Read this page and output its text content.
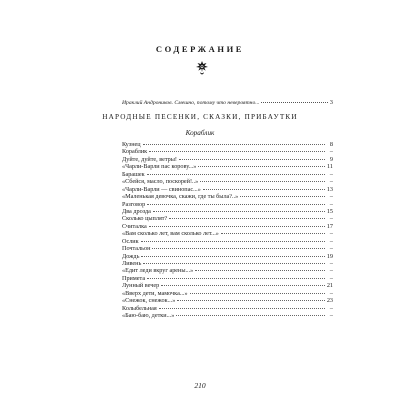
СОДЕРЖАНИЕ
Ираклий Андроников. Смешно, потому что невероятно...	3
НАРОДНЫЕ ПЕСЕНКИ, СКАЗКИ, ПРИБАУТКИ
Кораблик
Кузнец	8
Кораблик	–
Дуйте, дуйте, ветры!	9
«Чарли-Варли пас корову...»	11
Барашек	–
«Сбейся, масло, поскорей!..»	–
«Чарли-Варли — свинопас...»	13
«Маленькая девочка, скажи, где ты была?..»	–
Разговор	–
Два дрозда	15
Сколько цыплят?	–
Считалка	17
«Вам сколько лет, вам сколько лет...»	–
Ослик	–
Почтальон	–
Дождь	19
Ливень	–
«Едит леди вкруг арены...»	–
Примета	–
Лунный вечер	21
«Вверх дети, мамочка...»	–
«Снежок, снежок...»	23
Колыбельная	–
«Баю-баю, детки...»	–
210
